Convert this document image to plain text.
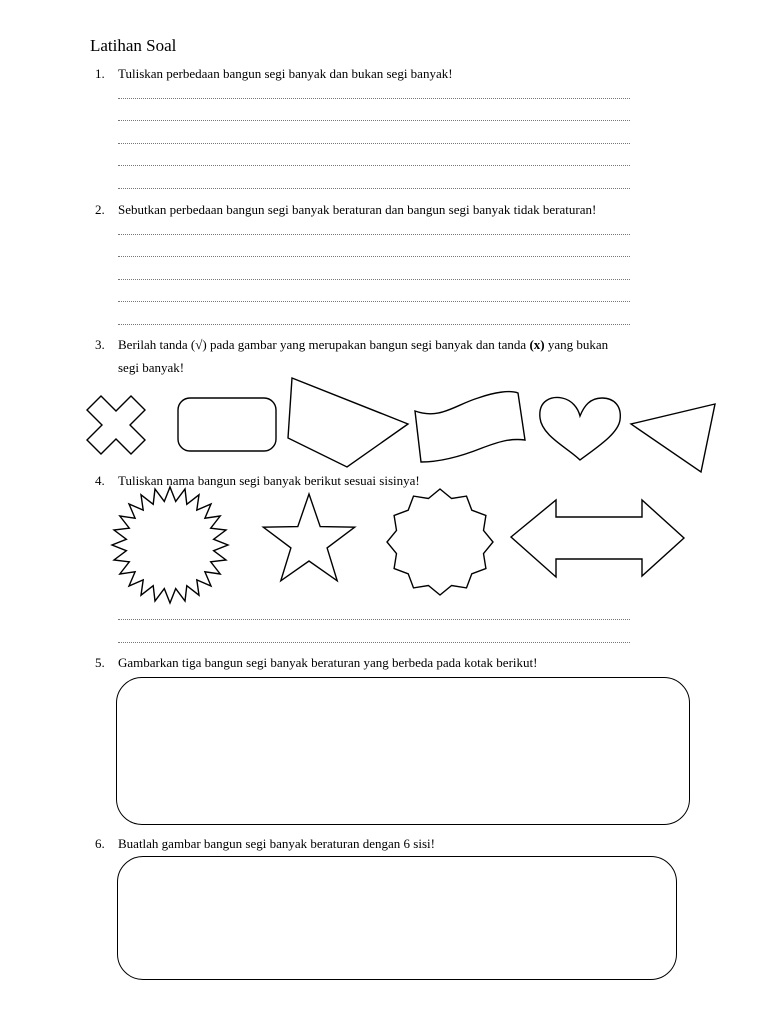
Latihan Soal
1. Tuliskan perbedaan bangun segi banyak dan bukan segi banyak!
2. Sebutkan perbedaan bangun segi banyak beraturan dan bangun segi banyak tidak beraturan!
3. Berilah tanda (√) pada gambar yang merupakan bangun segi banyak dan tanda (x) yang bukan
segi banyak!
4. Tuliskan nama bangun segi banyak berikut sesuai sisinya!
5. Gambarkan tiga bangun segi banyak beraturan yang berbeda pada kotak berikut!
6. Buatlah gambar bangun segi banyak beraturan dengan 6 sisi!
